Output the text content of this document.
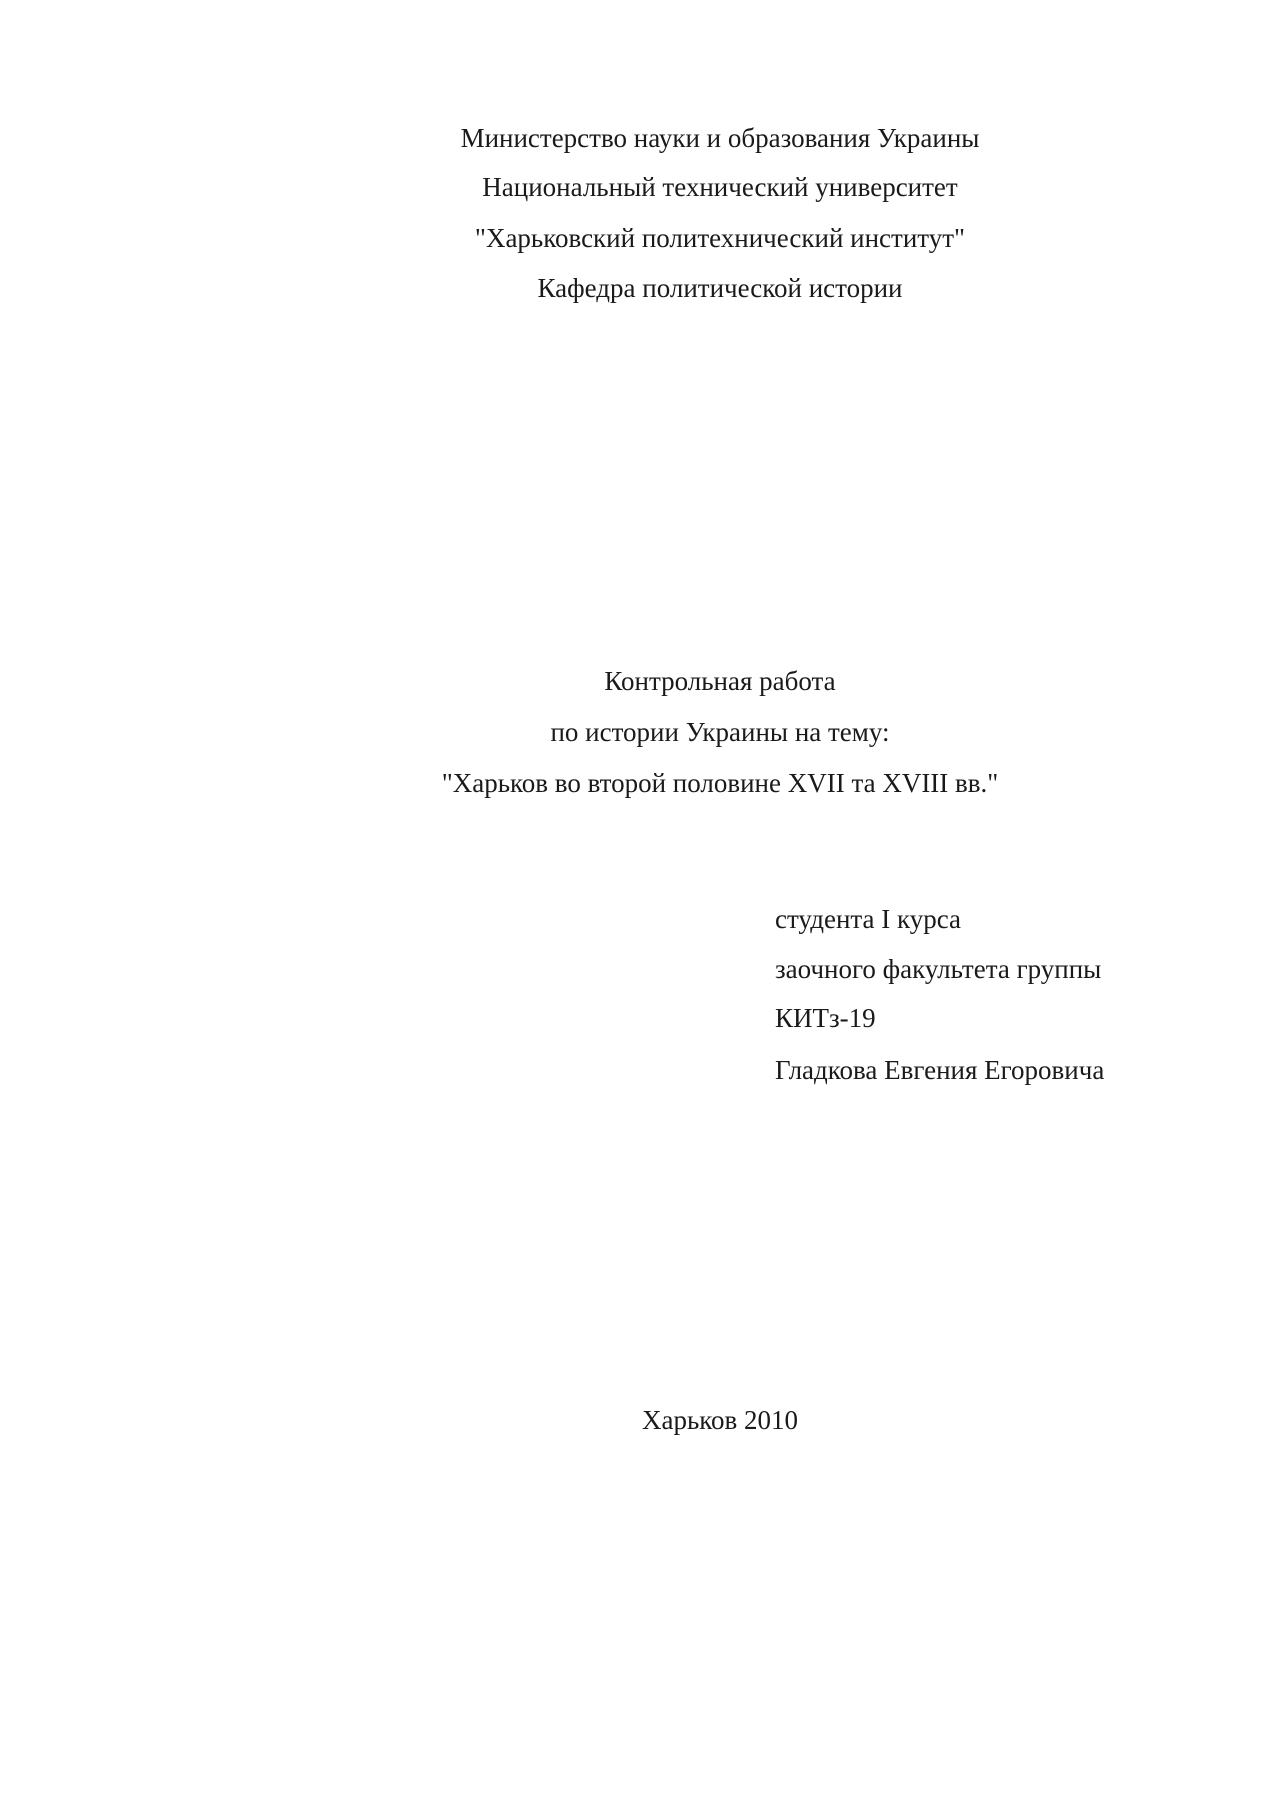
Министерство науки и образования Украины
Национальный технический университет
"Харьковский политехнический институт"
Кафедра политической истории
Контрольная работа
по истории Украины на тему:
"Харьков во второй половине XVII та XVIII вв."
студента I курса
заочного факультета группы
КИТз-19
Гладкова Евгения Егоровича
Харьков 2010
